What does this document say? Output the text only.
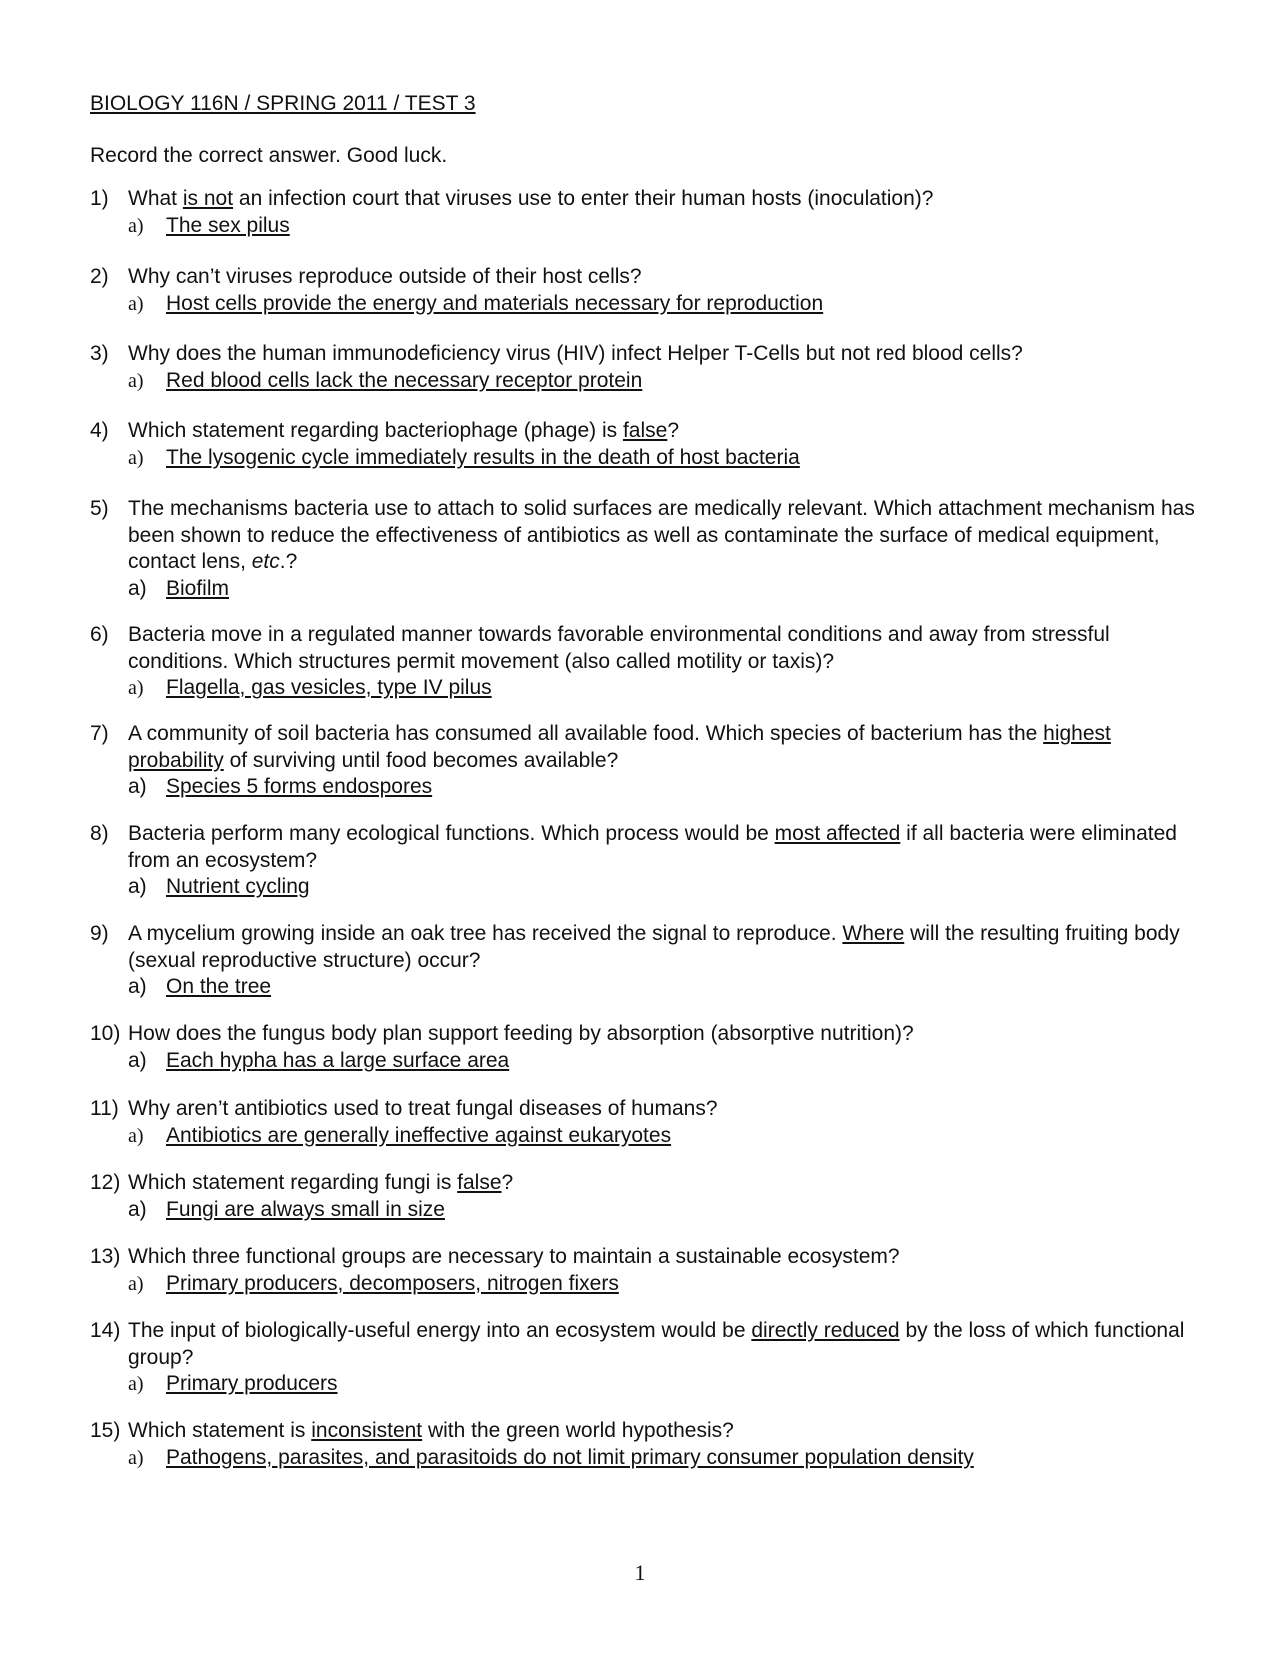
BIOLOGY 116N / SPRING 2011 / TEST 3
Record the correct answer. Good luck.
1) What is not an infection court that viruses use to enter their human hosts (inoculation)?
a) The sex pilus
2) Why can’t viruses reproduce outside of their host cells?
a) Host cells provide the energy and materials necessary for reproduction
3) Why does the human immunodeficiency virus (HIV) infect Helper T-Cells but not red blood cells?
a) Red blood cells lack the necessary receptor protein
4) Which statement regarding bacteriophage (phage) is false?
a) The lysogenic cycle immediately results in the death of host bacteria
5) The mechanisms bacteria use to attach to solid surfaces are medically relevant. Which attachment mechanism has been shown to reduce the effectiveness of antibiotics as well as contaminate the surface of medical equipment, contact lens, etc.?
a) Biofilm
6) Bacteria move in a regulated manner towards favorable environmental conditions and away from stressful conditions. Which structures permit movement (also called motility or taxis)?
a) Flagella, gas vesicles, type IV pilus
7) A community of soil bacteria has consumed all available food. Which species of bacterium has the highest probability of surviving until food becomes available?
a) Species 5 forms endospores
8) Bacteria perform many ecological functions. Which process would be most affected if all bacteria were eliminated from an ecosystem?
a) Nutrient cycling
9) A mycelium growing inside an oak tree has received the signal to reproduce. Where will the resulting fruiting body (sexual reproductive structure) occur?
a) On the tree
10) How does the fungus body plan support feeding by absorption (absorptive nutrition)?
a) Each hypha has a large surface area
11) Why aren’t antibiotics used to treat fungal diseases of humans?
a) Antibiotics are generally ineffective against eukaryotes
12) Which statement regarding fungi is false?
a) Fungi are always small in size
13) Which three functional groups are necessary to maintain a sustainable ecosystem?
a) Primary producers, decomposers, nitrogen fixers
14) The input of biologically-useful energy into an ecosystem would be directly reduced by the loss of which functional group?
a) Primary producers
15) Which statement is inconsistent with the green world hypothesis?
a) Pathogens, parasites, and parasitoids do not limit primary consumer population density
1
